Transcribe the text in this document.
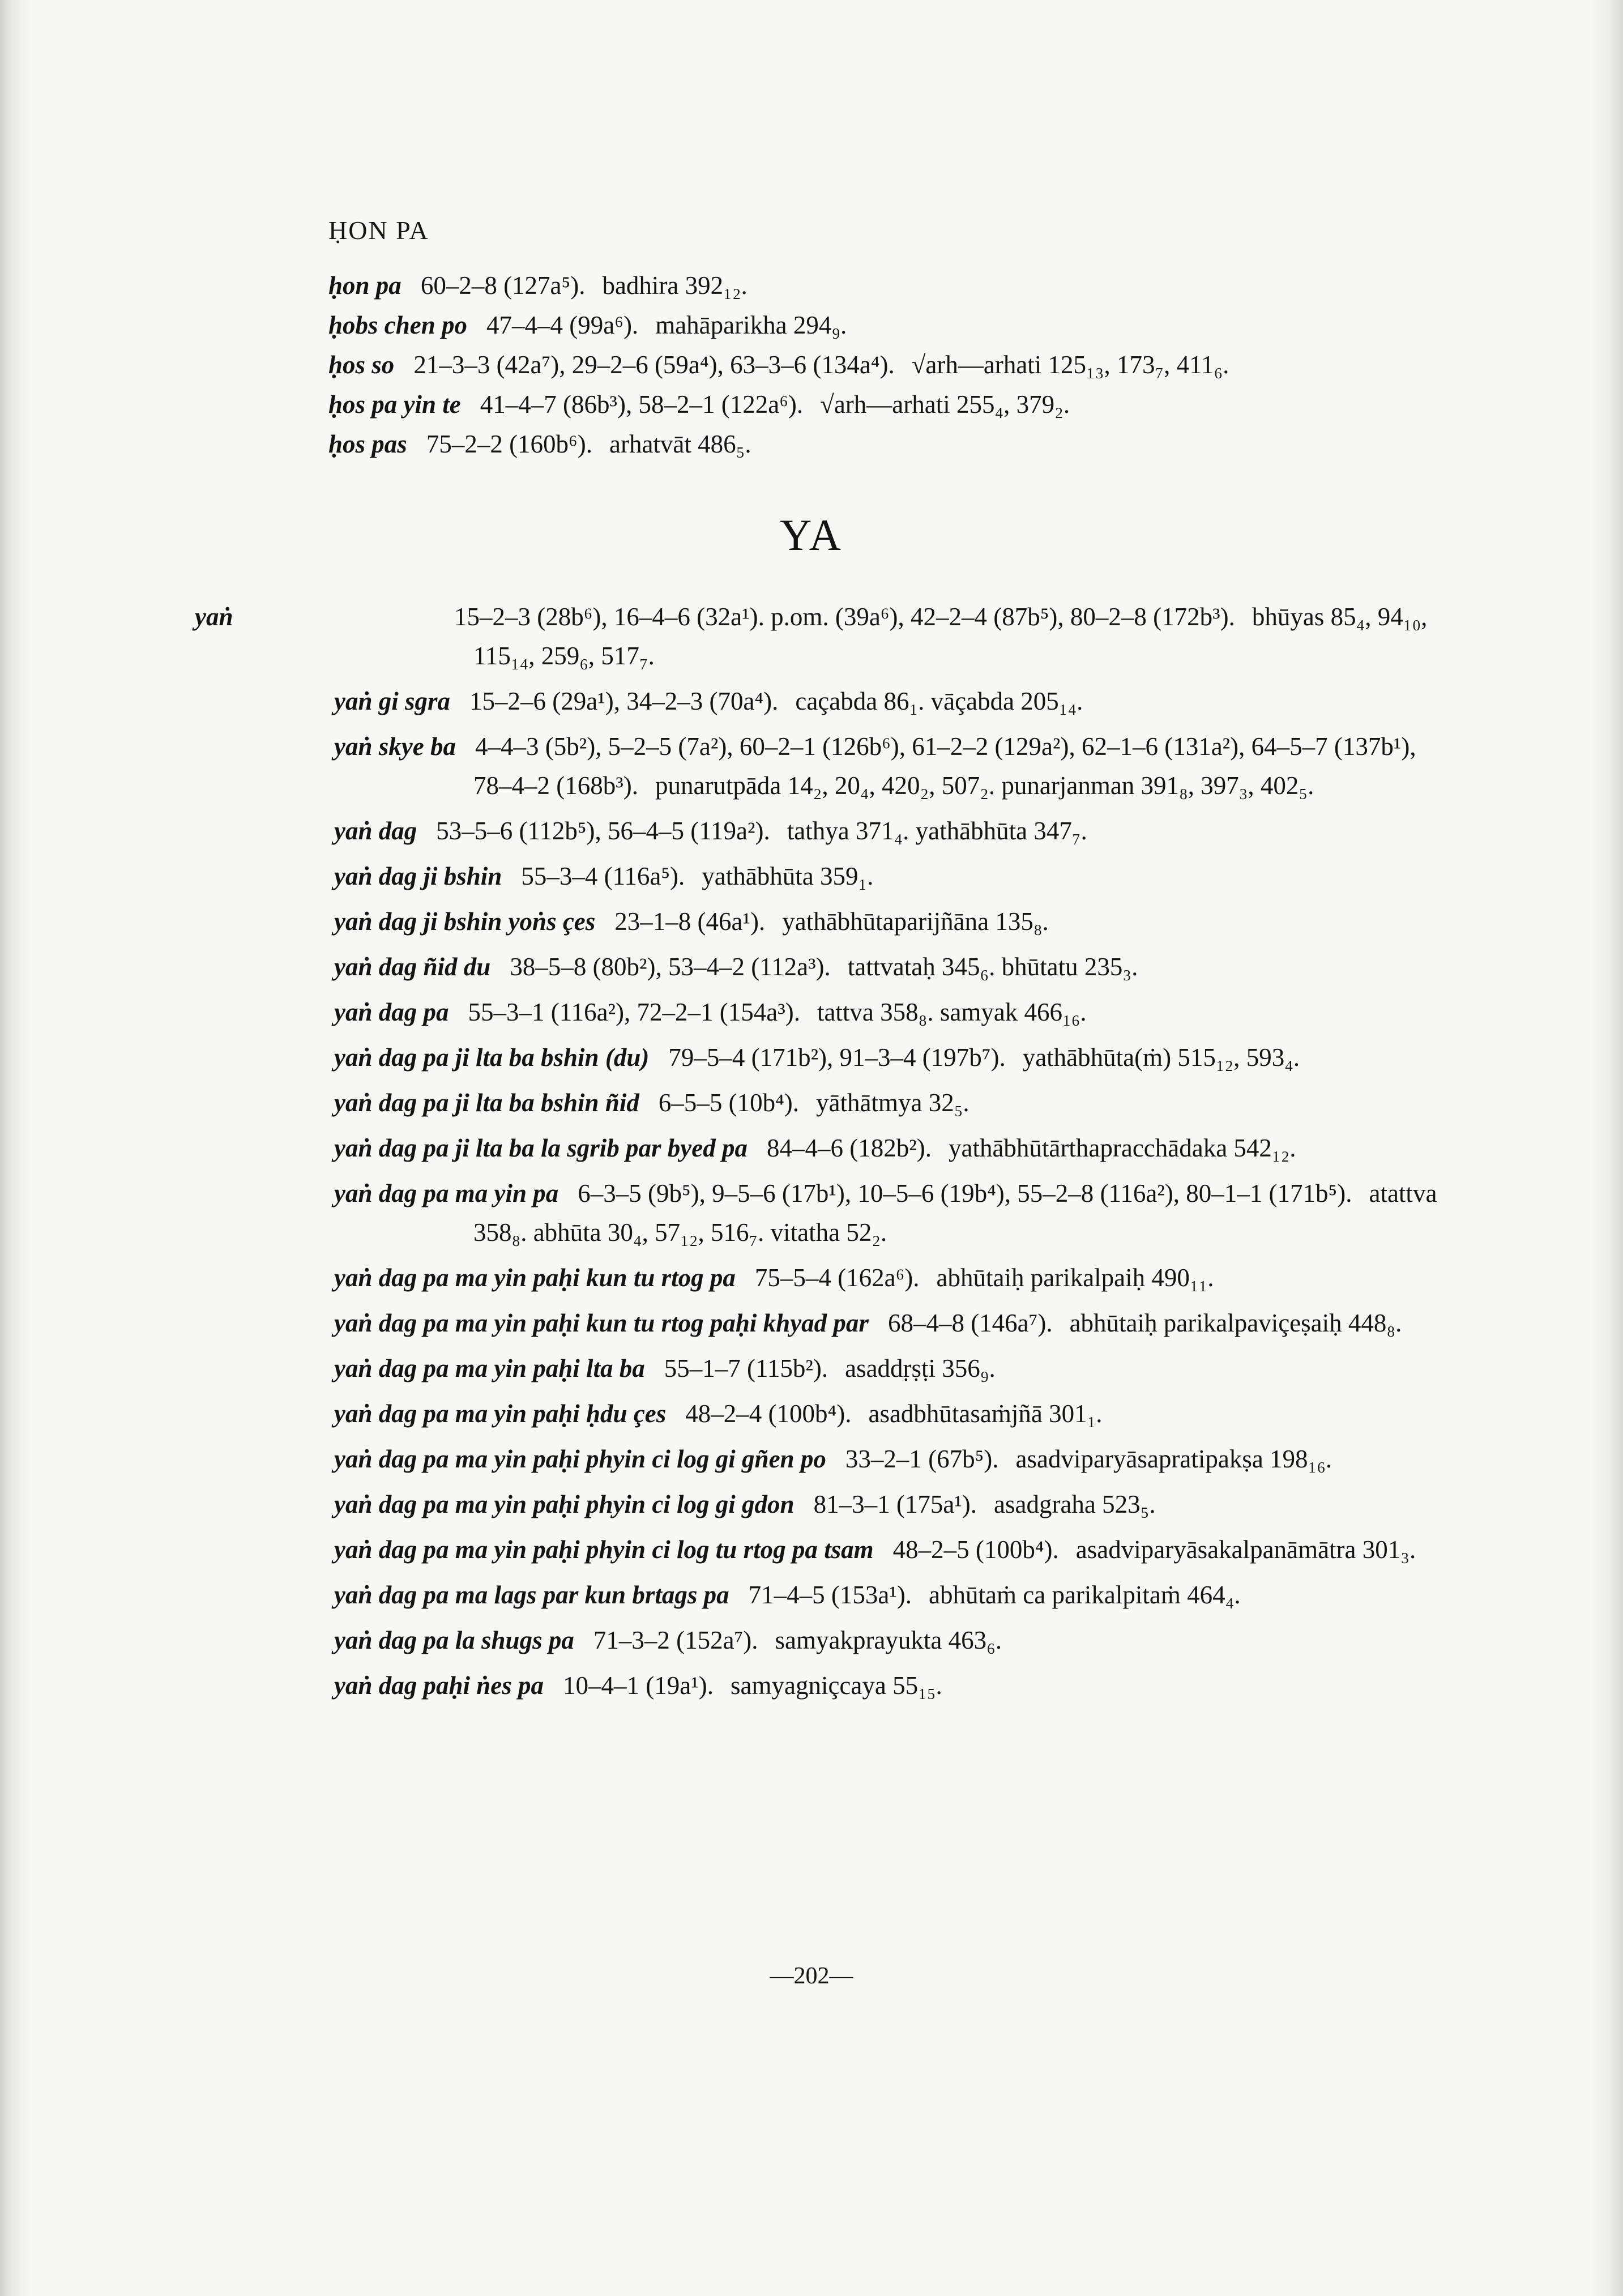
ḤON PA
ḥon pa 60–2–8 (127a⁵). badhira 392₁₂.
ḥobs chen po 47–4–4 (99a⁶). mahāparikha 294₉.
ḥos so 21–3–3 (42a⁷), 29–2–6 (59a⁴), 63–3–6 (134a⁴). √arh—arhati 125₁₃, 173₇, 411₆.
ḥos pa yin te 41–4–7 (86b³), 58–2–1 (122a⁶). √arh—arhati 255₄, 379₂.
ḥos pas 75–2–2 (160b⁶). arhatvāt 486₅.
YA
yaṅ	15–2–3 (28b⁶), 16–4–6 (32a¹). p.om. (39a⁶), 42–2–4 (87b⁵), 80–2–8 (172b³). bhūyas 85₄, 94₁₀, 115₁₄, 259₆, 517₇.
yaṅ gi sgra 15–2–6 (29a¹), 34–2–3 (70a⁴). caçabda 86₁. vāçabda 205₁₄.
yaṅ skye ba 4–4–3 (5b²), 5–2–5 (7a²), 60–2–1 (126b⁶), 61–2–2 (129a²), 62–1–6 (131a²), 64–5–7 (137b¹), 78–4–2 (168b³). punarutpāda 14₂, 20₄, 420₂, 507₂. punarjanman 391₈, 397₃, 402₅.
yaṅ dag 53–5–6 (112b⁵), 56–4–5 (119a²). tathya 371₄. yathābhūta 347₇.
yaṅ dag ji bshin 55–3–4 (116a⁵). yathābhūta 359₁.
yaṅ dag ji bshin yoṅs çes 23–1–8 (46a¹). yathābhūtaparijñāna 135₈.
yaṅ dag ñid du 38–5–8 (80b²), 53–4–2 (112a³). tattvataḥ 345₆. bhūtatu 235₃.
yaṅ dag pa 55–3–1 (116a²), 72–2–1 (154a³). tattva 358₈. samyak 466₁₆.
yaṅ dag pa ji lta ba bshin (du) 79–5–4 (171b²), 91–3–4 (197b⁷). yathābhūta(ṁ) 515₁₂, 593₄.
yaṅ dag pa ji lta ba bshin ñid 6–5–5 (10b⁴). yāthātmya 32₅.
yaṅ dag pa ji lta ba la sgrib par byed pa 84–4–6 (182b²). yathābhūtārthapracchādaka 542₁₂.
yaṅ dag pa ma yin pa 6–3–5 (9b⁵), 9–5–6 (17b¹), 10–5–6 (19b⁴), 55–2–8 (116a²), 80–1–1 (171b⁵). atattva 358₈. abhūta 30₄, 57₁₂, 516₇. vitatha 52₂.
yaṅ dag pa ma yin paḥi kun tu rtog pa 75–5–4 (162a⁶). abhūtaiḥ parikalpaiḥ 490₁₁.
yaṅ dag pa ma yin paḥi kun tu rtog paḥi khyad par 68–4–8 (146a⁷). abhūtaiḥ parikalpaviçeṣaiḥ 448₈.
yaṅ dag pa ma yin paḥi lta ba 55–1–7 (115b²). asaddṛṣṭi 356₉.
yaṅ dag pa ma yin paḥi ḥdu çes 48–2–4 (100b⁴). asadbhūtasaṁjñā 301₁.
yaṅ dag pa ma yin paḥi phyin ci log gi gñen po 33–2–1 (67b⁵). asadviparyāsapratipakṣa 198₁₆.
yaṅ dag pa ma yin paḥi phyin ci log gi gdon 81–3–1 (175a¹). asadgraha 523₅.
yaṅ dag pa ma yin paḥi phyin ci log tu rtog pa tsam 48–2–5 (100b⁴). asadviparyāsakalpanāmātra 301₃.
yaṅ dag pa ma lags par kun brtags pa 71–4–5 (153a¹). abhūtaṁ ca parikalpitaṁ 464₄.
yaṅ dag pa la shugs pa 71–3–2 (152a⁷). samyakprayukta 463₆.
yaṅ dag paḥi ṅes pa 10–4–1 (19a¹). samyagniçcaya 55₁₅.
—202—
